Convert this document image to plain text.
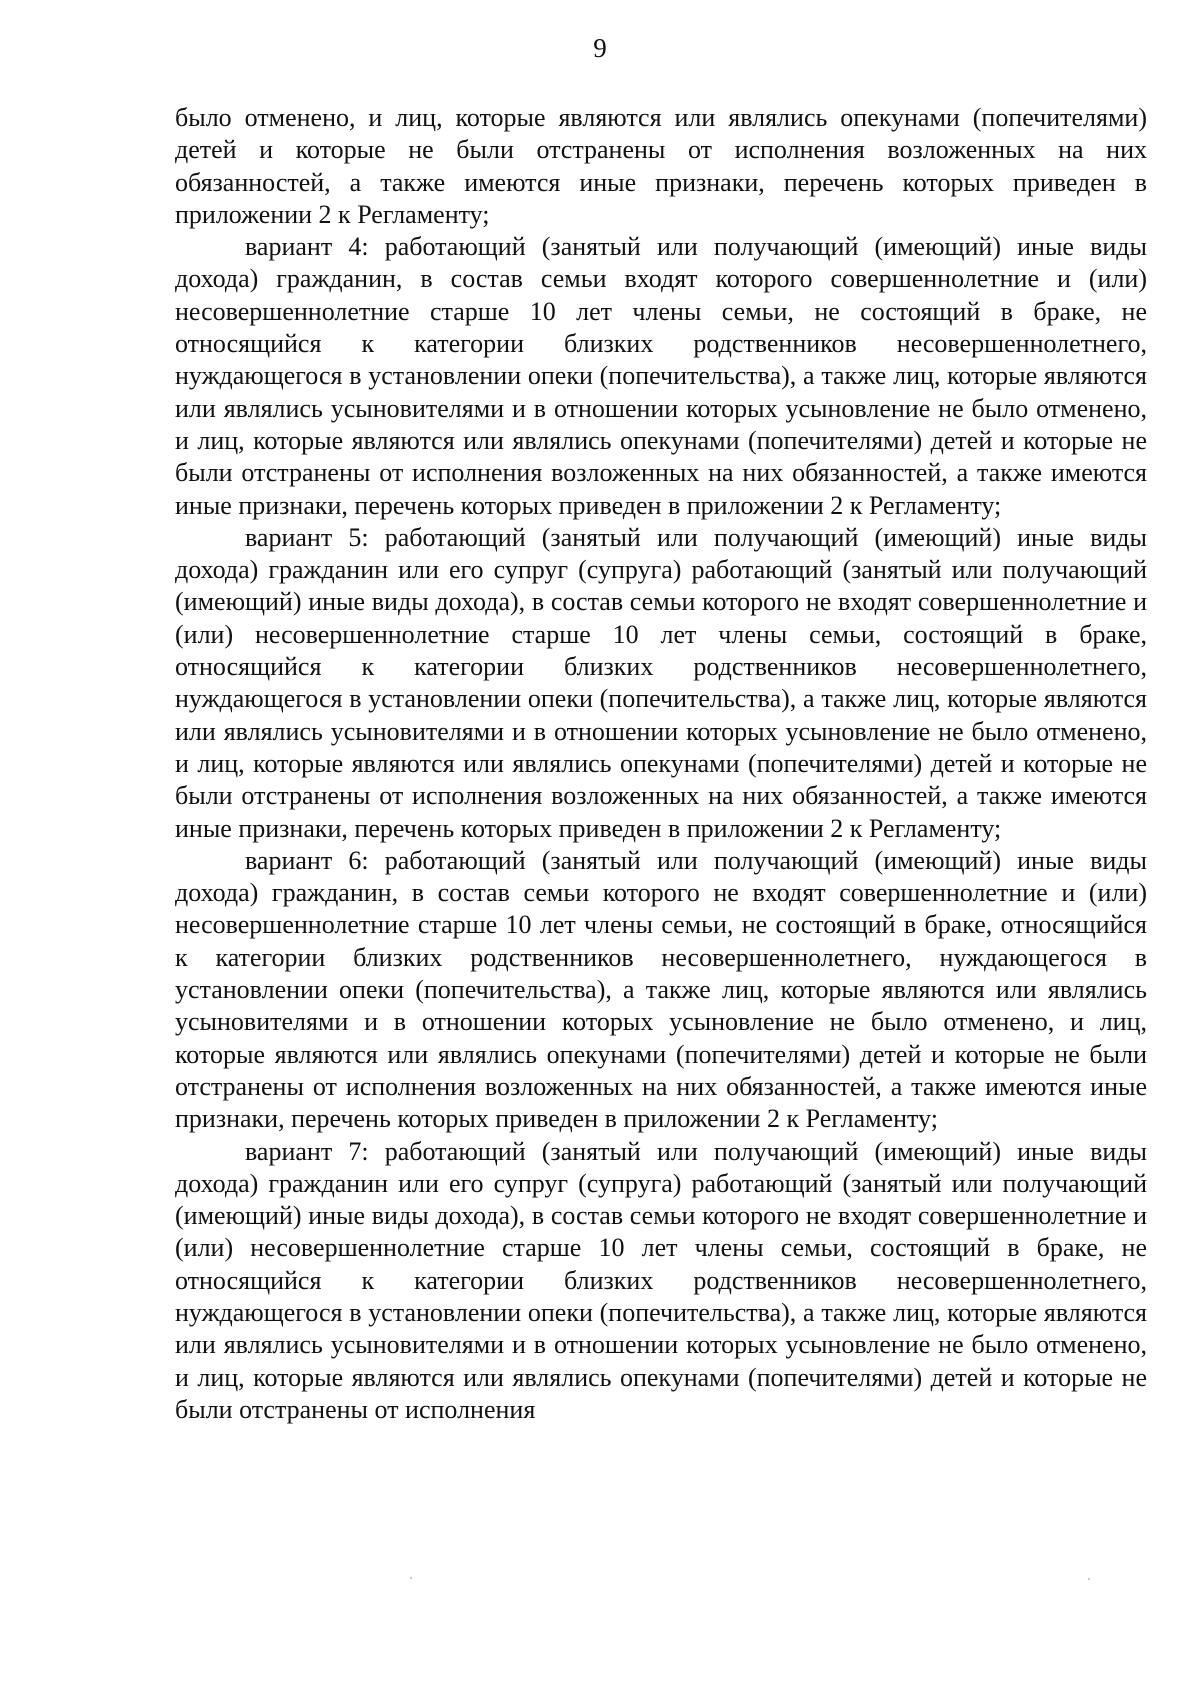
9

было отменено, и лиц, которые являются или являлись опекунами (попечителями) детей и которые не были отстранены от исполнения возложенных на них обязанностей, а также имеются иные признаки, перечень которых приведен в приложении 2 к Регламенту;

вариант 4: работающий (занятый или получающий (имеющий) иные виды дохода) гражданин, в состав семьи входят которого совершеннолетние и (или) несовершеннолетние старше 10 лет члены семьи, не состоящий в браке, не относящийся к категории близких родственников несовершеннолетнего, нуждающегося в установлении опеки (попечительства), а также лиц, которые являются или являлись усыновителями и в отношении которых усыновление не было отменено, и лиц, которые являются или являлись опекунами (попечителями) детей и которые не были отстранены от исполнения возложенных на них обязанностей, а также имеются иные признаки, перечень которых приведен в приложении 2 к Регламенту;

вариант 5: работающий (занятый или получающий (имеющий) иные виды дохода) гражданин или его супруг (супруга) работающий (занятый или получающий (имеющий) иные виды дохода), в состав семьи которого не входят совершеннолетние и (или) несовершеннолетние старше 10 лет члены семьи, состоящий в браке, относящийся к категории близких родственников несовершеннолетнего, нуждающегося в установлении опеки (попечительства), а также лиц, которые являются или являлись усыновителями и в отношении которых усыновление не было отменено, и лиц, которые являются или являлись опекунами (попечителями) детей и которые не были отстранены от исполнения возложенных на них обязанностей, а также имеются иные признаки, перечень которых приведен в приложении 2 к Регламенту;

вариант 6: работающий (занятый или получающий (имеющий) иные виды дохода) гражданин, в состав семьи которого не входят совершеннолетние и (или) несовершеннолетние старше 10 лет члены семьи, не состоящий в браке, относящийся к категории близких родственников несовершеннолетнего, нуждающегося в установлении опеки (попечительства), а также лиц, которые являются или являлись усыновителями и в отношении которых усыновление не было отменено, и лиц, которые являются или являлись опекунами (попечителями) детей и которые не были отстранены от исполнения возложенных на них обязанностей, а также имеются иные признаки, перечень которых приведен в приложении 2 к Регламенту;

вариант 7: работающий (занятый или получающий (имеющий) иные виды дохода) гражданин или его супруг (супруга) работающий (занятый или получающий (имеющий) иные виды дохода), в состав семьи которого не входят совершеннолетние и (или) несовершеннолетние старше 10 лет члены семьи, состоящий в браке, не относящийся к категории близких родственников несовершеннолетнего, нуждающегося в установлении опеки (попечительства), а также лиц, которые являются или являлись усыновителями и в отношении которых усыновление не было отменено, и лиц, которые являются или являлись опекунами (попечителями) детей и которые не были отстранены от исполнения
